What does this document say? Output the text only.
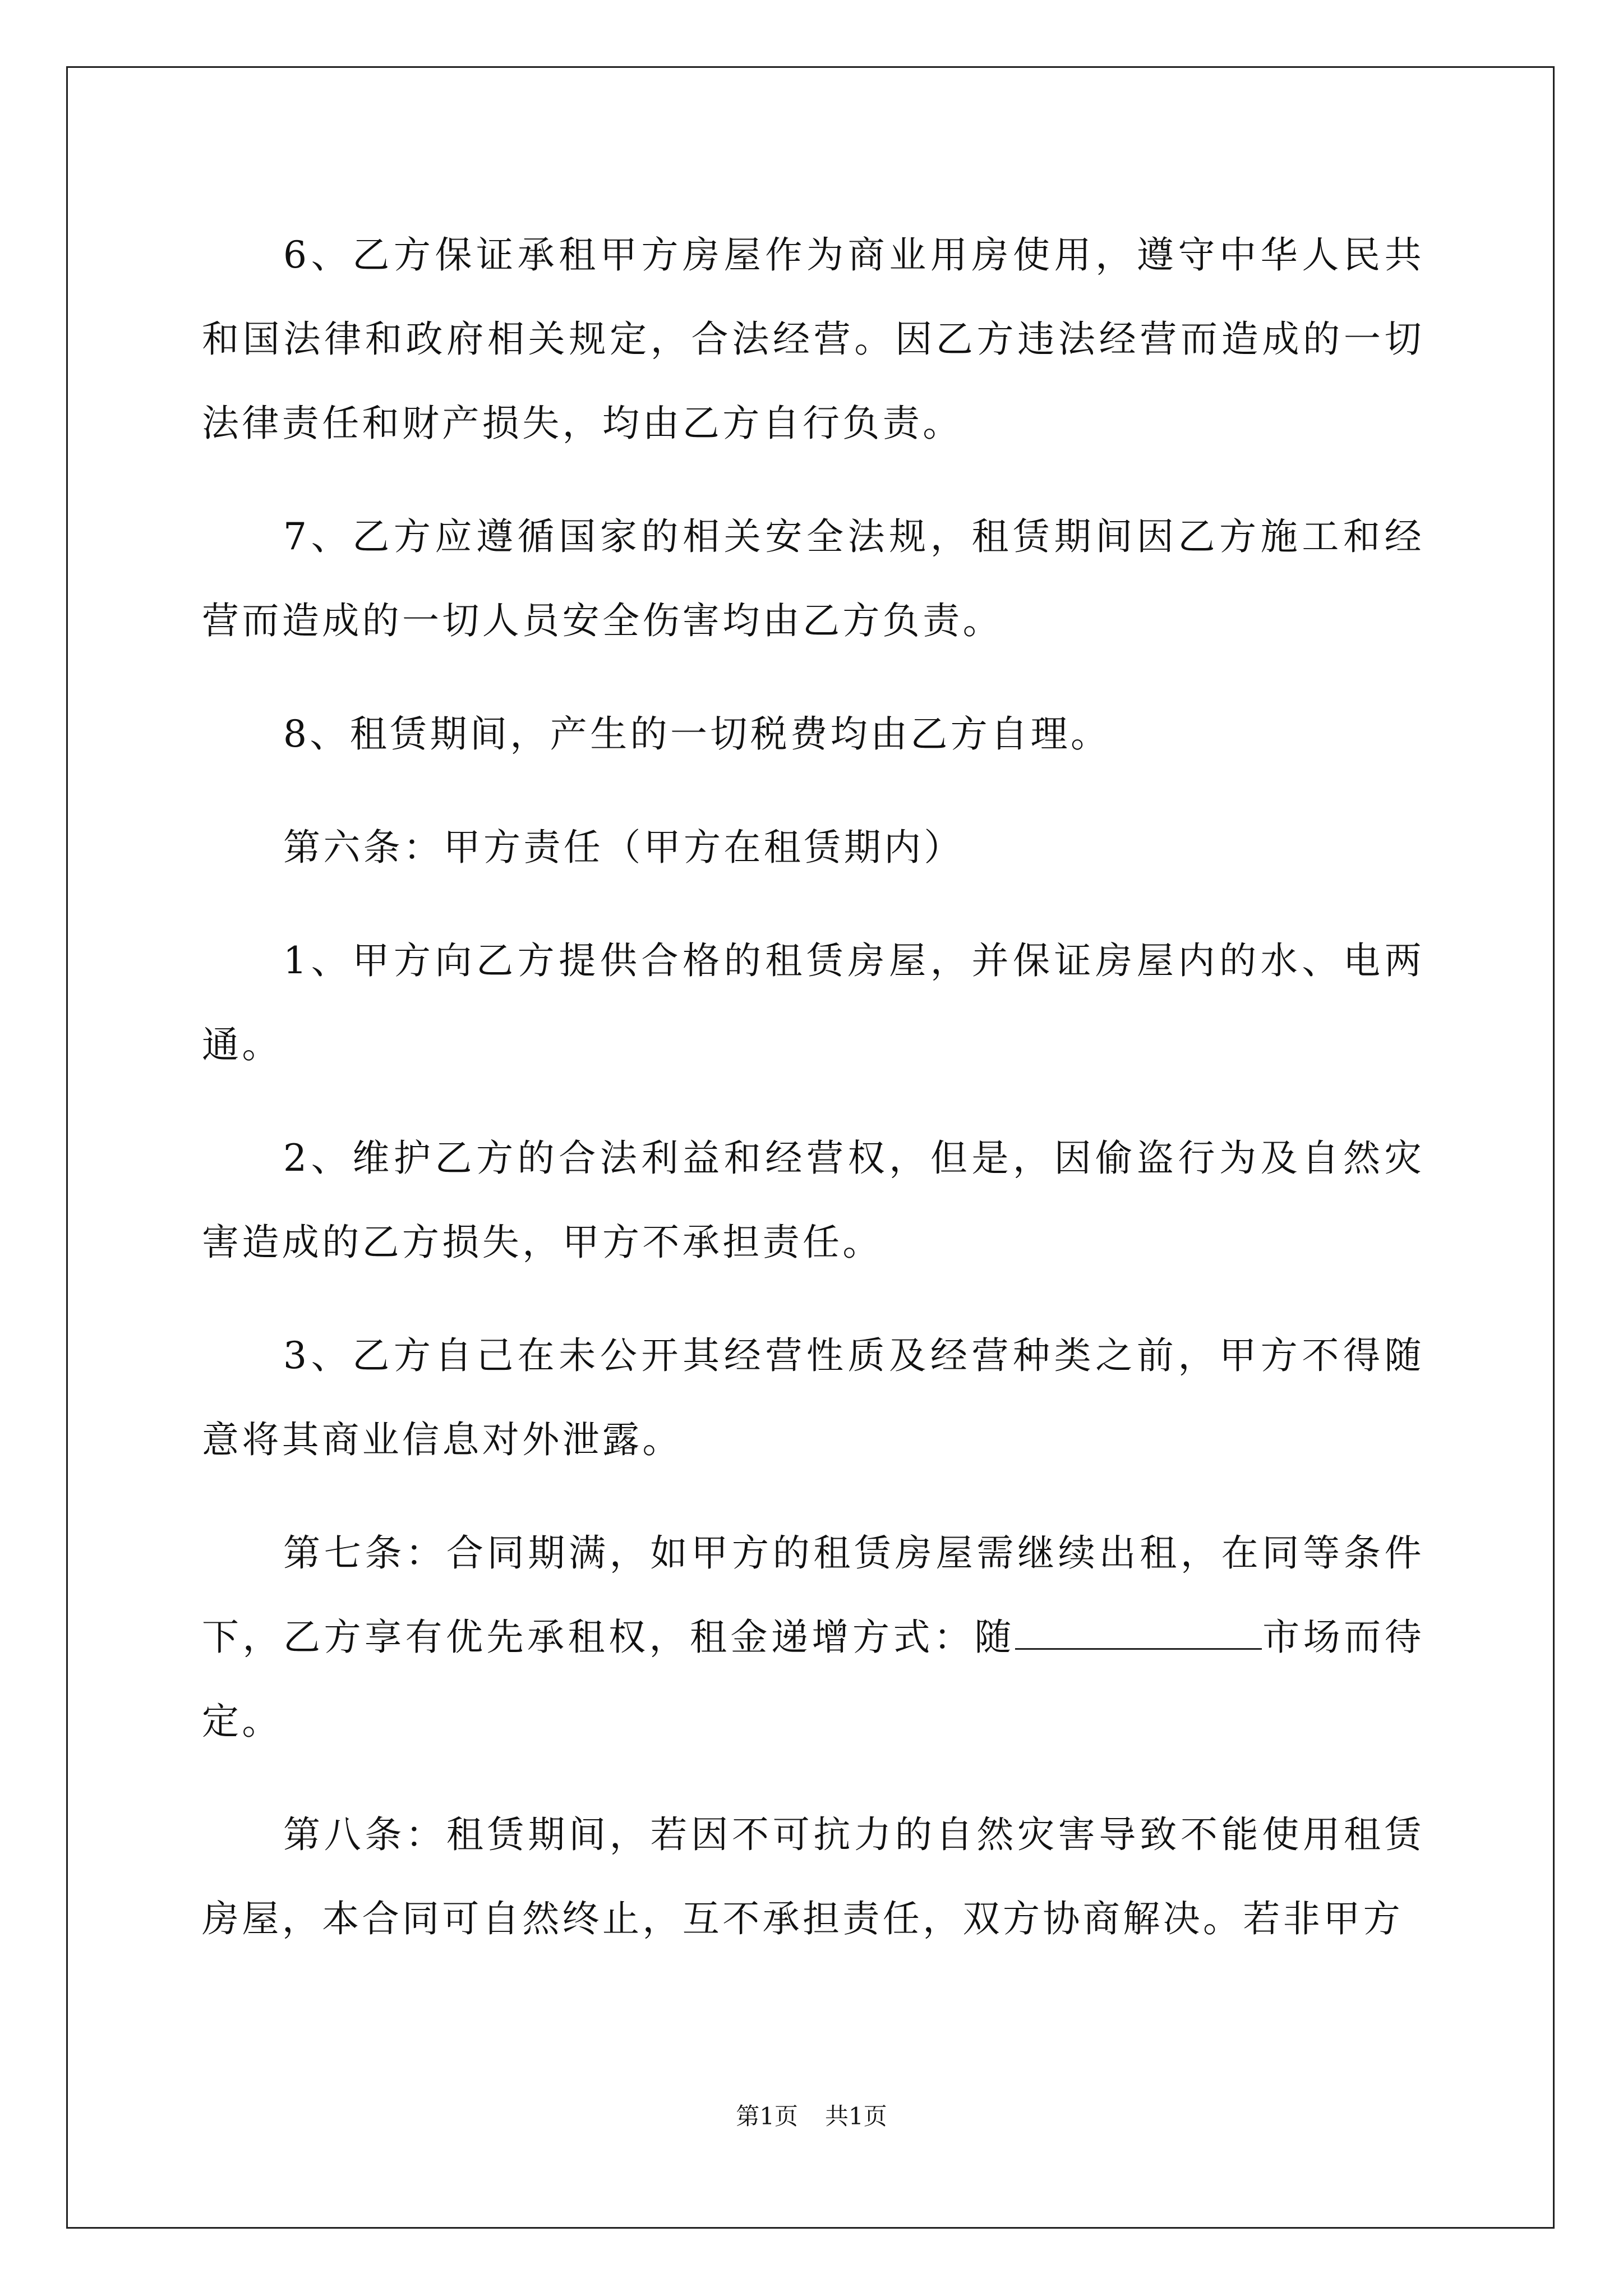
6、乙方保证承租甲方房屋作为商业用房使用，遵守中华人民共和国法律和政府相关规定，合法经营。因乙方违法经营而造成的一切法律责任和财产损失，均由乙方自行负责。

7、乙方应遵循国家的相关安全法规，租赁期间因乙方施工和经营而造成的一切人员安全伤害均由乙方负责。

8、租赁期间，产生的一切税费均由乙方自理。

第六条：甲方责任（甲方在租赁期内）

1、甲方向乙方提供合格的租赁房屋，并保证房屋内的水、电两通。

2、维护乙方的合法利益和经营权，但是，因偷盗行为及自然灾害造成的乙方损失，甲方不承担责任。

3、乙方自己在未公开其经营性质及经营种类之前，甲方不得随意将其商业信息对外泄露。

第七条：合同期满，如甲方的租赁房屋需继续出租，在同等条件下，乙方享有优先承租权，租金递增方式：随	市场而待定。

第八条：租赁期间，若因不可抗力的自然灾害导致不能使用租赁房屋，本合同可自然终止，互不承担责任，双方协商解决。若非甲方

第1页 共1页
